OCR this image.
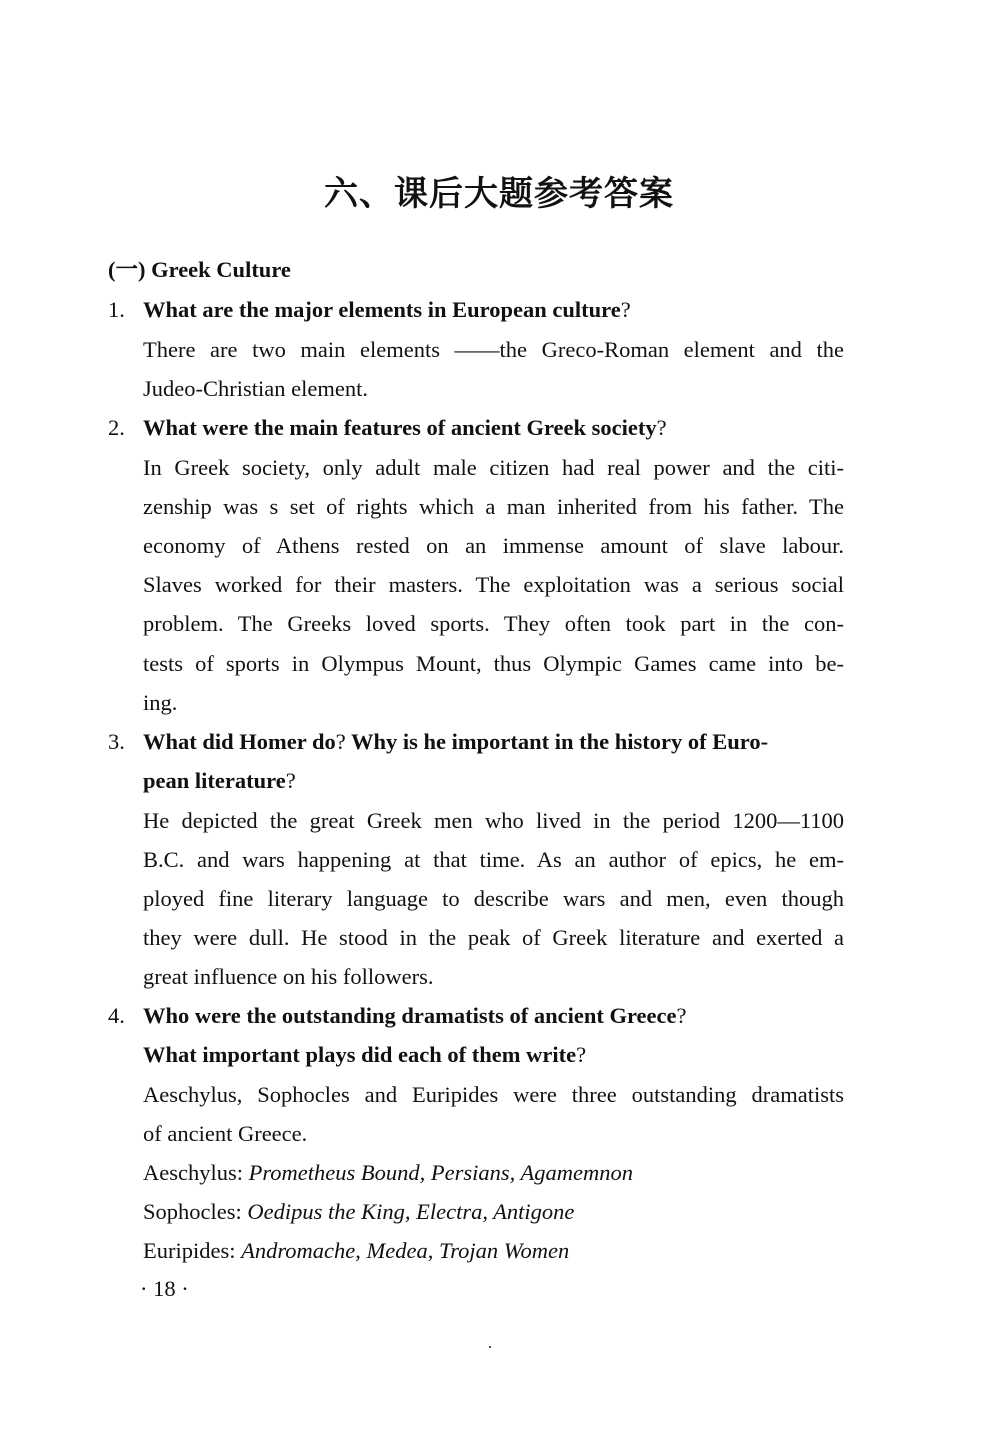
六、课后大题参考答案
(一) Greek Culture
1. What are the major elements in European culture?
There are two main elements ——the Greco-Roman element and the
Judeo-Christian element.
2. What were the main features of ancient Greek society?
In Greek society, only adult male citizen had real power and the citi-
zenship was s set of rights which a man inherited from his father. The
economy of Athens rested on an immense amount of slave labour.
Slaves worked for their masters. The exploitation was a serious social
problem. The Greeks loved sports. They often took part in the con-
tests of sports in Olympus Mount, thus Olympic Games came into be-
ing.
3. What did Homer do? Why is he important in the history of Euro-
pean literature?
He depicted the great Greek men who lived in the period 1200—1100
B.C. and wars happening at that time. As an author of epics, he em-
ployed fine literary language to describe wars and men, even though
they were dull. He stood in the peak of Greek literature and exerted a
great influence on his followers.
4. Who were the outstanding dramatists of ancient Greece?
What important plays did each of them write?
Aeschylus, Sophocles and Euripides were three outstanding dramatists
of ancient Greece.
Aeschylus: Prometheus Bound, Persians, Agamemnon
Sophocles: Oedipus the King, Electra, Antigone
Euripides: Andromache, Medea, Trojan Women
· 18 ·
